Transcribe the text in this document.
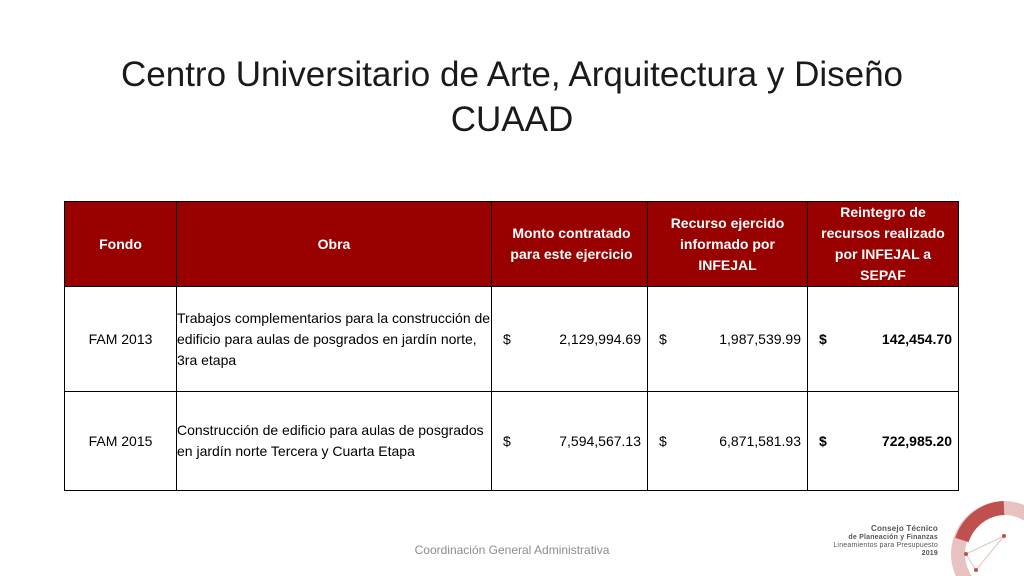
Centro Universitario de Arte, Arquitectura y Diseño
CUAAD
Fondo	Obra	Monto contratado para este ejercicio	Recurso ejercido informado por INFEJAL	Reintegro de recursos realizado por INFEJAL a SEPAF

FAM 2013	Trabajos complementarios para la construcción de edificio para aulas de posgrados en jardín norte, 3ra etapa	$ 2,129,994.69	$ 1,987,539.99	$ 142,454.70

FAM 2015	Construcción de edificio para aulas de posgrados en jardín norte Tercera y Cuarta Etapa	$ 7,594,567.13	$ 6,871,581.93	$ 722,985.20
Coordinación General Administrativa
Consejo Técnico
de Planeación y Finanzas
Lineamientos para Presupuesto
2019
